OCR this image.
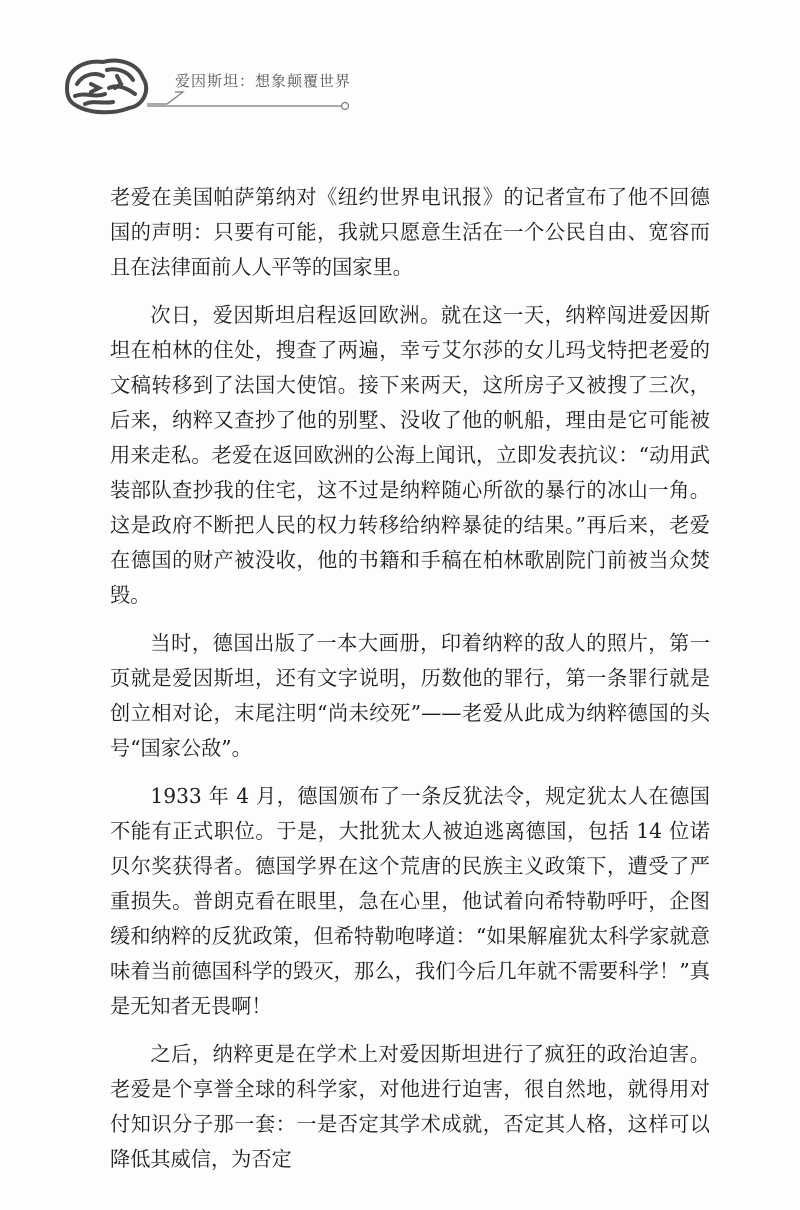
爱因斯坦：想象颠覆世界

老爱在美国帕萨第纳对《纽约世界电讯报》的记者宣布了他不回德国的声明：只要有可能，我就只愿意生活在一个公民自由、宽容而且在法律面前人人平等的国家里。

次日，爱因斯坦启程返回欧洲。就在这一天，纳粹闯进爱因斯坦在柏林的住处，搜查了两遍，幸亏艾尔莎的女儿玛戈特把老爱的文稿转移到了法国大使馆。接下来两天，这所房子又被搜了三次，后来，纳粹又查抄了他的别墅、没收了他的帆船，理由是它可能被用来走私。老爱在返回欧洲的公海上闻讯，立即发表抗议：“动用武装部队查抄我的住宅，这不过是纳粹随心所欲的暴行的冰山一角。这是政府不断把人民的权力转移给纳粹暴徒的结果。”再后来，老爱在德国的财产被没收，他的书籍和手稿在柏林歌剧院门前被当众焚毁。

当时，德国出版了一本大画册，印着纳粹的敌人的照片，第一页就是爱因斯坦，还有文字说明，历数他的罪行，第一条罪行就是创立相对论，末尾注明“尚未绞死”——老爱从此成为纳粹德国的头号“国家公敌”。

1933 年 4 月，德国颁布了一条反犹法令，规定犹太人在德国不能有正式职位。于是，大批犹太人被迫逃离德国，包括 14 位诺贝尔奖获得者。德国学界在这个荒唐的民族主义政策下，遭受了严重损失。普朗克看在眼里，急在心里，他试着向希特勒呼吁，企图缓和纳粹的反犹政策，但希特勒咆哮道：“如果解雇犹太科学家就意味着当前德国科学的毁灭，那么，我们今后几年就不需要科学！”真是无知者无畏啊！

之后，纳粹更是在学术上对爱因斯坦进行了疯狂的政治迫害。老爱是个享誉全球的科学家，对他进行迫害，很自然地，就得用对付知识分子那一套：一是否定其学术成就，否定其人格，这样可以降低其威信，为否定
